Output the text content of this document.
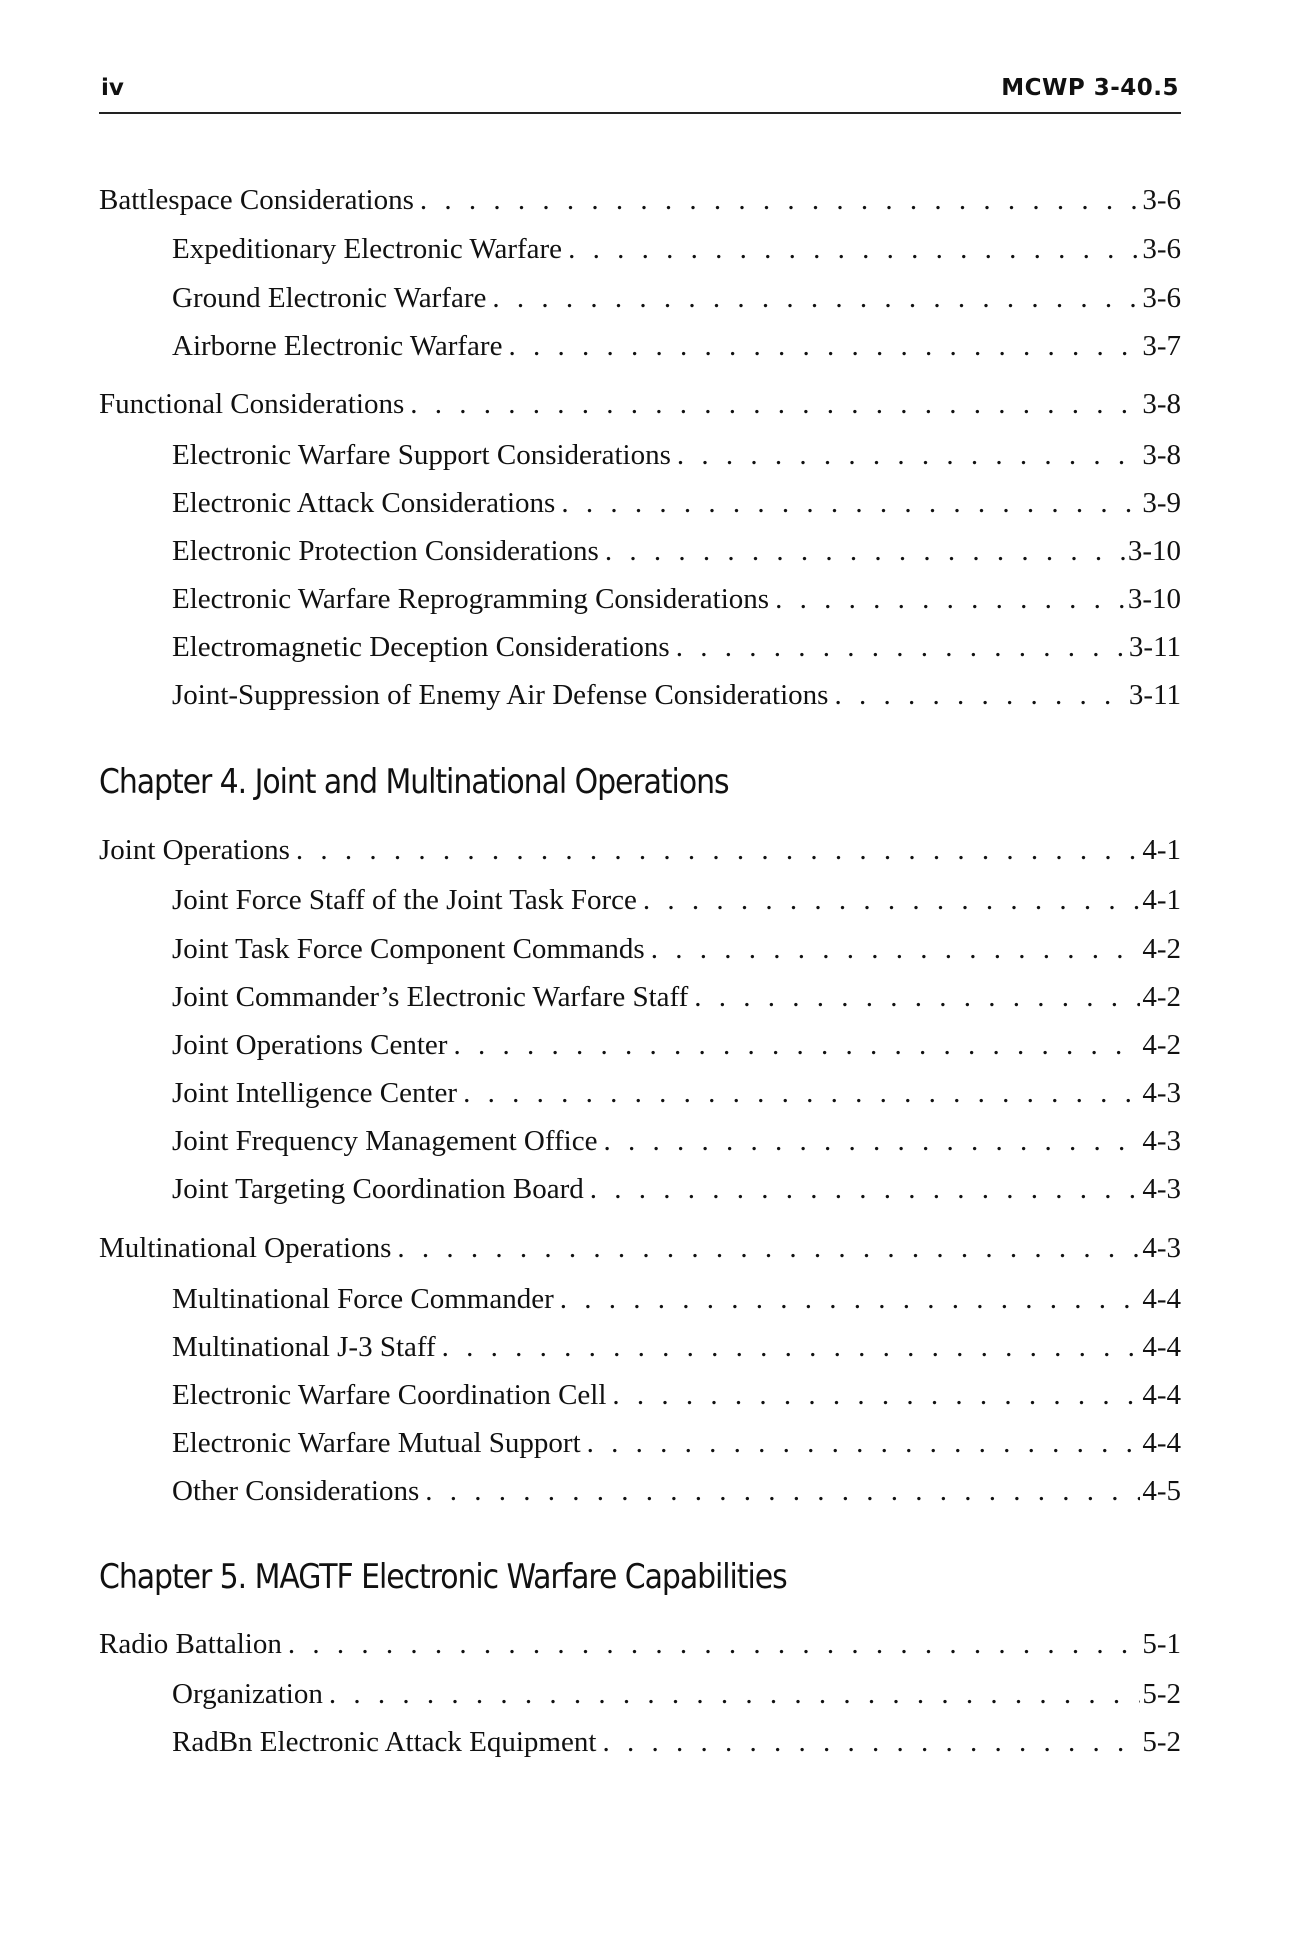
iv	MCWP 3-40.5
Battlespace Considerations . . .	3-6
Expeditionary Electronic Warfare . . .	3-6
Ground Electronic Warfare . . .	3-6
Airborne Electronic Warfare . . .	3-7
Functional Considerations . . .	3-8
Electronic Warfare Support Considerations . . .	3-8
Electronic Attack Considerations . . .	3-9
Electronic Protection Considerations . . .	3-10
Electronic Warfare Reprogramming Considerations . . .	3-10
Electromagnetic Deception Considerations . . .	3-11
Joint-Suppression of Enemy Air Defense Considerations . . .	3-11
Chapter 4. Joint and Multinational Operations
Joint Operations . . .	4-1
Joint Force Staff of the Joint Task Force . . .	4-1
Joint Task Force Component Commands . . .	4-2
Joint Commander’s Electronic Warfare Staff . . .	4-2
Joint Operations Center . . .	4-2
Joint Intelligence Center . . .	4-3
Joint Frequency Management Office . . .	4-3
Joint Targeting Coordination Board . . .	4-3
Multinational Operations . . .	4-3
Multinational Force Commander . . .	4-4
Multinational J-3 Staff . . .	4-4
Electronic Warfare Coordination Cell . . .	4-4
Electronic Warfare Mutual Support . . .	4-4
Other Considerations . . .	4-5
Chapter 5. MAGTF Electronic Warfare Capabilities
Radio Battalion . . .	5-1
Organization . . .	5-2
RadBn Electronic Attack Equipment . . .	5-2
